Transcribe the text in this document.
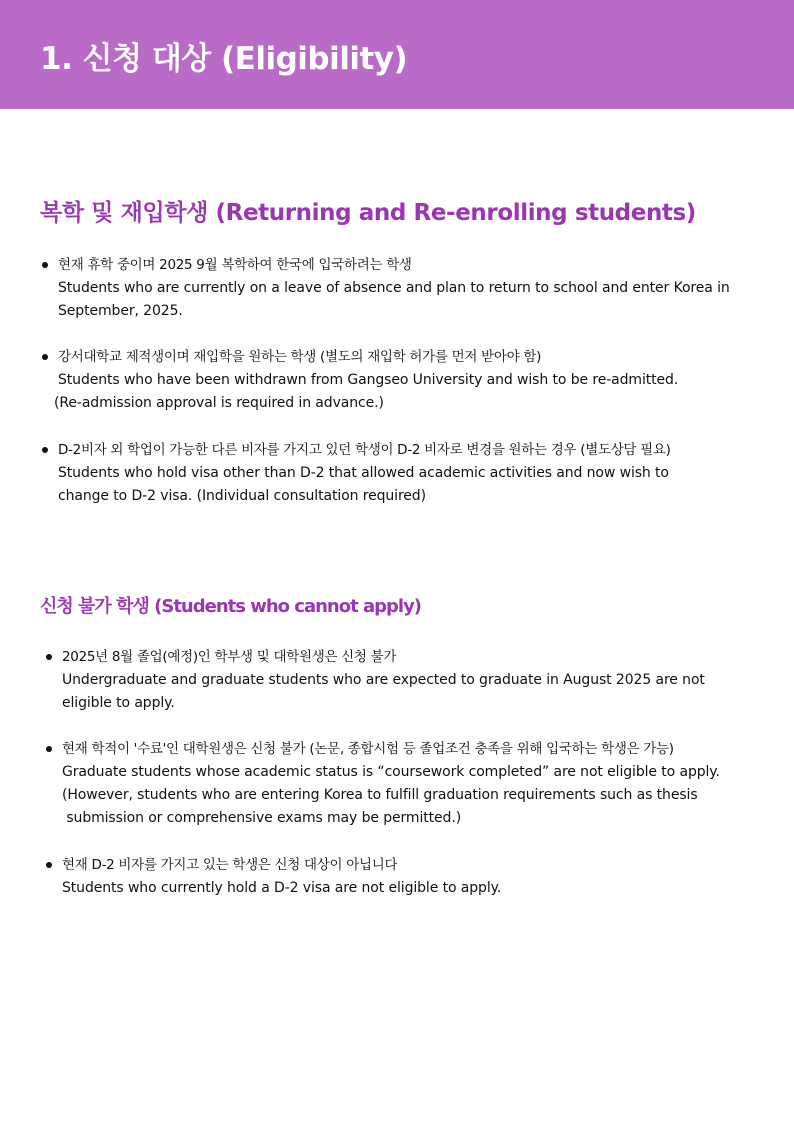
1. 신청 대상 (Eligibility)
복학 및 재입학생 (Returning and Re-enrolling students)
현재 휴학 중이며 2025 9월 복학하여 한국에 입국하려는 학생
Students who are currently on a leave of absence and plan to return to school and enter Korea in
September, 2025.
강서대학교 제적생이며 재입학을 원하는 학생 (별도의 재입학 허가를 먼저 받아야 함)
Students who have been withdrawn from Gangseo University and wish to be re-admitted.
(Re-admission approval is required in advance.)
D-2비자 외 학업이 가능한 다른 비자를 가지고 있던 학생이 D-2 비자로 변경을 원하는 경우 (별도상담 필요)
Students who hold visa other than D-2 that allowed academic activities and now wish to
change to D-2 visa. (Individual consultation required)
신청 불가 학생 (Students who cannot apply)
2025년 8월 졸업(예정)인 학부생 및 대학원생은 신청 불가
Undergraduate and graduate students who are expected to graduate in August 2025 are not
eligible to apply.
현재 학적이 '수료'인 대학원생은 신청 불가 (논문, 종합시험 등 졸업조건 충족을 위해 입국하는 학생은 가능)
Graduate students whose academic status is “coursework completed” are not eligible to apply.
(However, students who are entering Korea to fulfill graduation requirements such as thesis
submission or comprehensive exams may be permitted.)
현재 D-2 비자를 가지고 있는 학생은 신청 대상이 아닙니다
Students who currently hold a D-2 visa are not eligible to apply.
